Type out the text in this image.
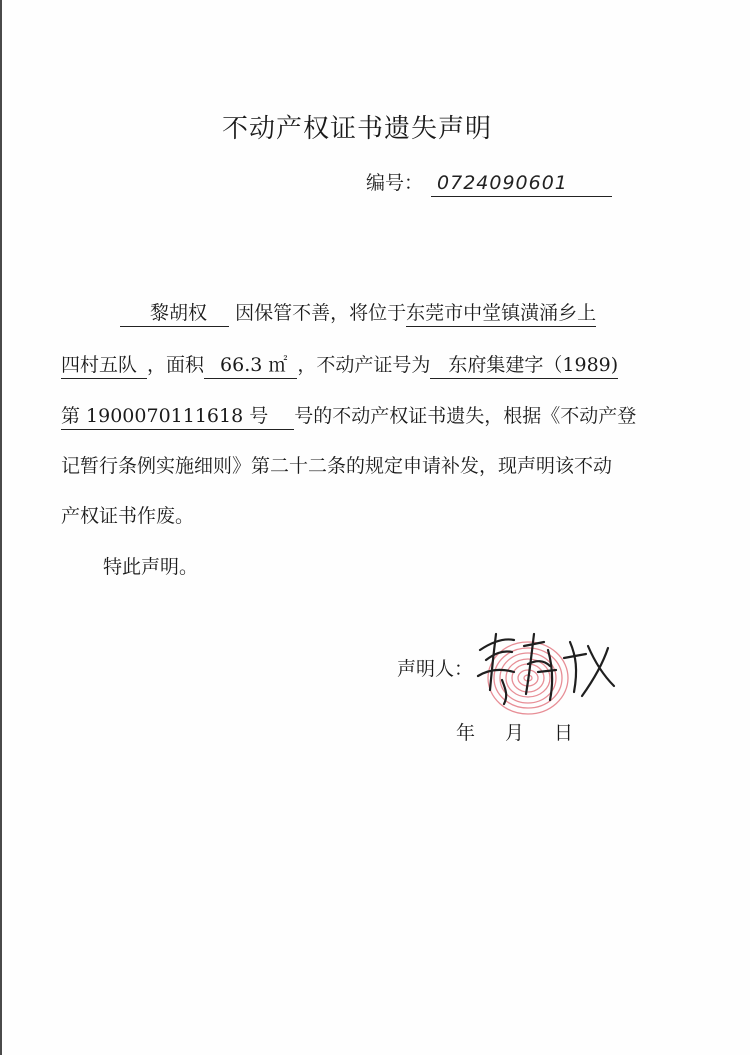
不动产权证书遗失声明
编号： 0724090601
黎胡权 因保管不善，将位于东莞市中堂镇潢涌乡上
四村五队 ，面积 66.3 ㎡ ，不动产证号为 东府集建字（1989)
第 1900070111618 号 号的不动产权证书遗失，根据《不动产登
记暂行条例实施细则》第二十二条的规定申请补发，现声明该不动
产权证书作废。
特此声明。
声明人：
年 月 日
